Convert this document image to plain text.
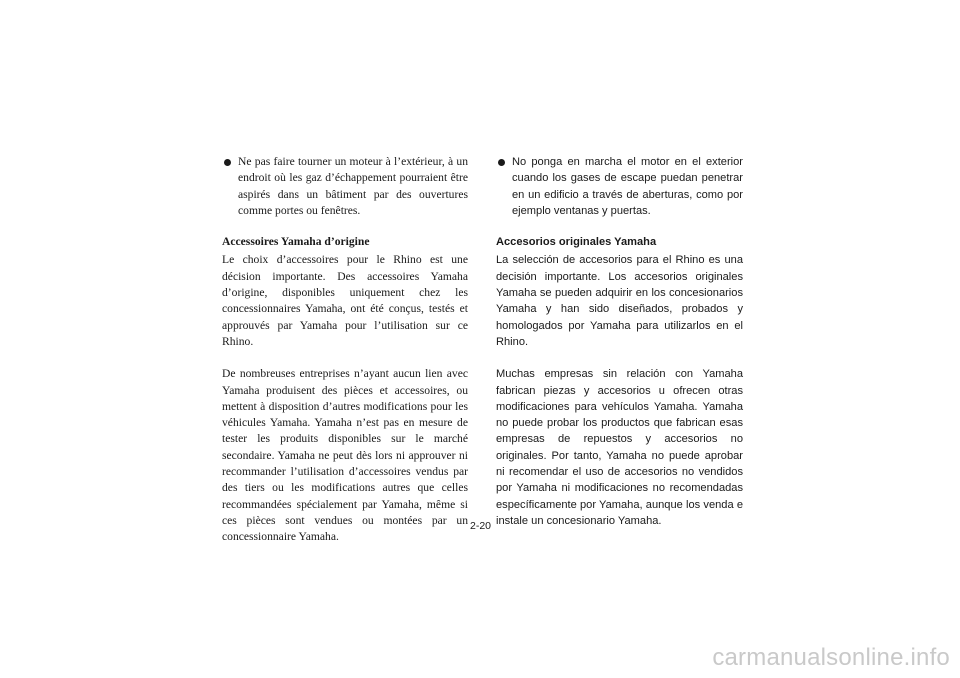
Ne pas faire tourner un moteur à l’extérieur, à un endroit où les gaz d’échappement pourraient être aspirés dans un bâtiment par des ouvertures comme portes ou fenêtres.
Accessoires Yamaha d’origine
Le choix d’accessoires pour le Rhino est une décision importante. Des accessoires Yamaha d’origine, disponibles uniquement chez les concessionnaires Yamaha, ont été conçus, testés et approuvés par Yamaha pour l’utilisation sur ce Rhino.
De nombreuses entreprises n’ayant aucun lien avec Yamaha produisent des pièces et accessoires, ou mettent à disposition d’autres modifications pour les véhicules Yamaha. Yamaha n’est pas en mesure de tester les produits disponibles sur le marché secondaire. Yamaha ne peut dès lors ni approuver ni recommander l’utilisation d’accessoires vendus par des tiers ou les modifications autres que celles recommandées spécialement par Yamaha, même si ces pièces sont vendues ou montées par un concessionnaire Yamaha.
No ponga en marcha el motor en el exterior cuando los gases de escape puedan penetrar en un edificio a través de aberturas, como por ejemplo ventanas y puertas.
Accesorios originales Yamaha
La selección de accesorios para el Rhino es una decisión importante. Los accesorios originales Yamaha se pueden adquirir en los concesionarios Yamaha y han sido diseñados, probados y homologados por Yamaha para utilizarlos en el Rhino.
Muchas empresas sin relación con Yamaha fabrican piezas y accesorios u ofrecen otras modificaciones para vehículos Yamaha. Yamaha no puede probar los productos que fabrican esas empresas de repuestos y accesorios no originales. Por tanto, Yamaha no puede aprobar ni recomendar el uso de accesorios no vendidos por Yamaha ni modificaciones no recomendadas específicamente por Yamaha, aunque los venda e instale un concesionario Yamaha.
2-20
carmanualsonline.info
